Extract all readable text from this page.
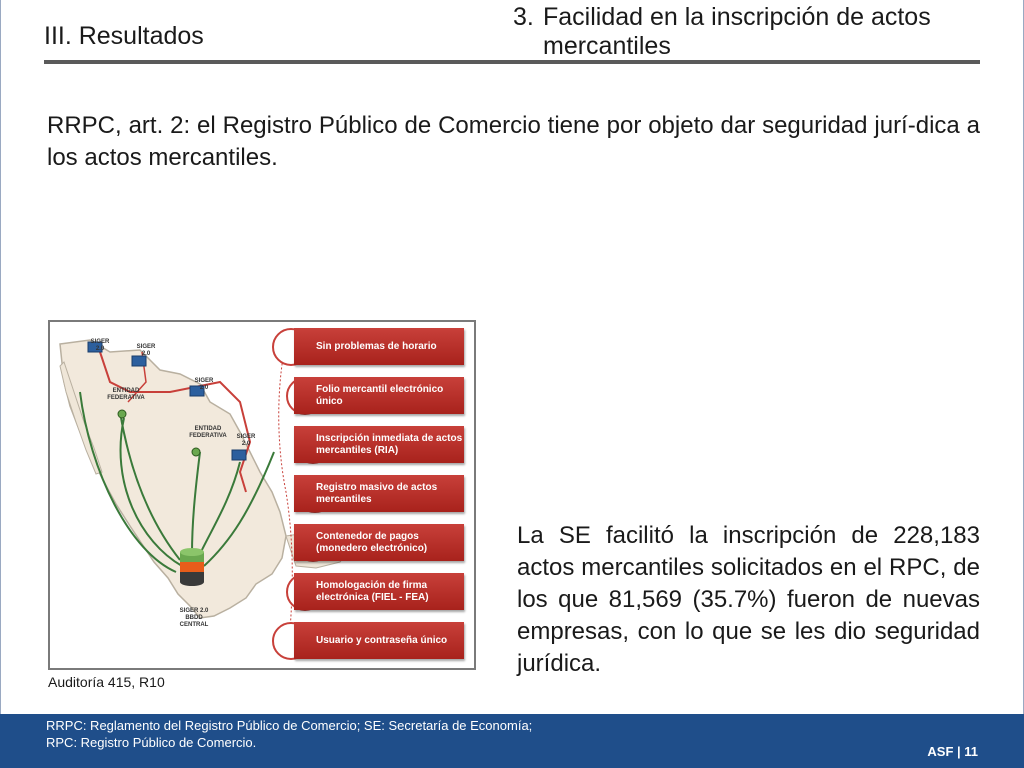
III. Resultados
3. Facilidad en la inscripción de actos mercantiles
RRPC, art. 2: el Registro Público de Comercio tiene por objeto dar seguridad jurí-dica a los actos mercantiles.
SIGER 2.0	SIGER 2.0
SIGER 2.0
SIGER 2.0
ENTIDAD FEDERATIVA
ENTIDAD FEDERATIVA
SIGER 2.0 BBDD CENTRAL
Sin problemas de horario
Folio mercantil electrónico único
Inscripción inmediata de actos mercantiles (RIA)
Registro masivo de actos mercantiles
Contenedor de pagos (monedero electrónico)
Homologación de firma electrónica (FIEL - FEA)
Usuario y contraseña único
Auditoría 415, R10
La SE facilitó la inscripción de 228,183 actos mercantiles solicitados en el RPC, de los que 81,569 (35.7%) fueron de nuevas empresas, con lo que se les dio seguridad jurídica.
RRPC: Reglamento del Registro Público de Comercio; SE: Secretaría de Economía;
RPC: Registro Público de Comercio.
ASF | 11
